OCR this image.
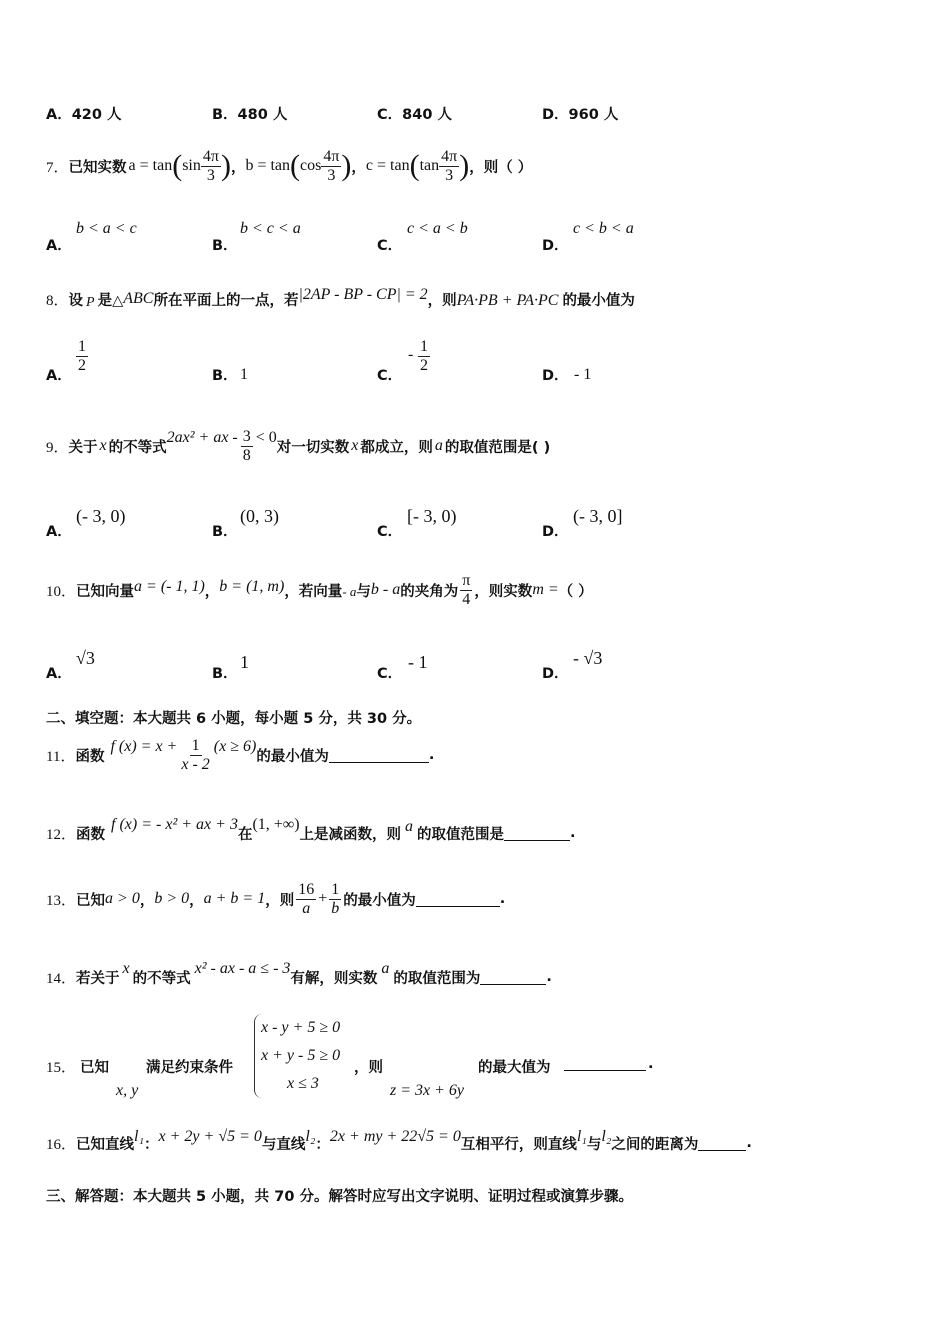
A．420 人	B．480 人	C．840 人	D．960 人
7． 已知实数 a = tan ( $\sin \frac{4\pi}{3}$ ) ， b = tan ( $\cos \frac{4\pi}{3}$ ) ， c = tan ( $\tan \frac{4\pi}{3}$ ) ，则（ ）
A．
b < a < c
B．
b < c < a
C．
c < a < b
D．
c < b < a
8． 设 P 是△ ABC 所在平面上的一点，若 |2AP - BP - CP| = 2 ，则 PA·PB + PA·PC 的最小值为
A．
$\frac{1}{2}$
B． 1	C．
- $\frac{1}{2}$
D． - 1
9． 关于 x 的不等式
2ax² + ax - $\frac{3}{8} < 0$
对一切实数 x 都成立，则 a 的取值范围是( )
A．
(- 3, 0)
B．
(0, 3)
C．
[- 3, 0)
D．
(- 3, 0]
10． 已知向量 a = (- 1, 1) ， b = (1, m) ，若向量 - a 与 b - a 的夹角为 $\frac{\pi}{4}$ ，则实数 m = （ ）
A．
√3
B．
1
C．
- 1
D．
- √3
二、填空题：本大题共 6 小题，每小题 5 分，共 30 分。
11． 函数
f $(x) = x + \frac{1}{x - 2} (x \ge 6)$
的最小值为	.
12． 函数
f (x) = - x² + ax + 3
在
(1, +∞)
上是减函数，则 a 的取值范围是	.
13． 已知 a > 0 ， b > 0 ， a + b = 1 ，则 $\frac{16}{a} + \frac{1}{b}$ 的最小值为	.
14． 若关于
x
的不等式
x² - ax - a ≤ - 3
有解，则实数
a
的取值范围为	.
15． 已知
x, y
满足约束条件
x - y + 5 ≥ 0
x + y - 5 ≥ 0
x ≤ 3
，则
z = 3x + 6y
的最大值为	.
16． 已知直线 l₁ ： x + 2y + √5 = 0 与直线 l₂ ： 2x + my + 22√5 = 0 互相平行，则直线 l₁ 与 l₂ 之间的距离为	.
三、解答题：本大题共 5 小题，共 70 分。解答时应写出文字说明、证明过程或演算步骤。
